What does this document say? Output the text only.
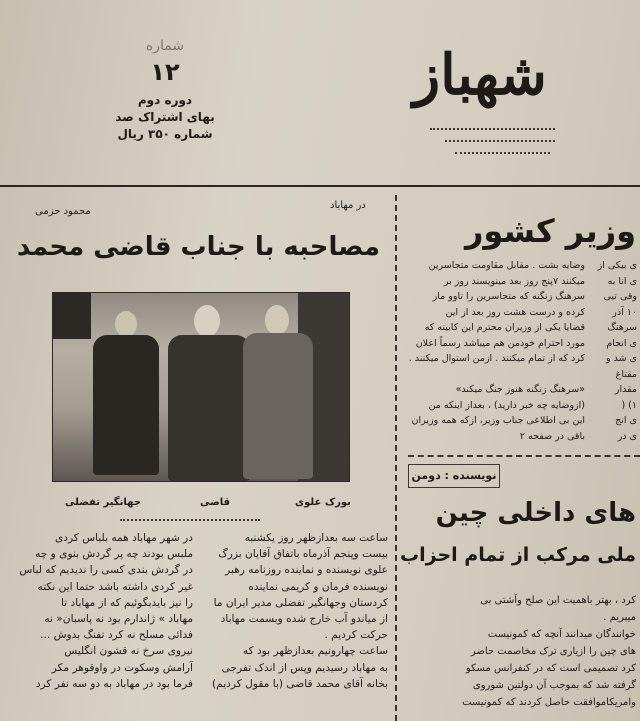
شهباز
شماره
۱۲
دوره دوم
بهای اشتراک صد
شماره ۳۵۰ ریال
در مهاباد
محمود حزمی
مصاحبه با جناب قاضی محمد
بورک علوی
قاضی
جهانگیر تفضلی
در شهر مهاباد همه بلباس کردی
ملبس بودند چه پر گردش بنوی و چه
در گردش بندی کسی را ندیدیم که لباس
غیر کردی داشته باشد حتما این نکته
را نیز بایدبگوئیم که از مهاباد تا
مهاباد » ژاندارم بود نه پاسبان« نه
فدائی مسلح نه کرد تفنگ بدوش ...
نیروی سرخ نه قشون انگلیس
آرامش وسکوت در واوقوهر مکر
فرما بود در مهاباد به دو سه نفر کرد
ساعت سه بعدازظهر روز یکشنبه
بیست وپنجم آذرماه باتفاق آقایان بزرگ
علوی نویسنده و نماینده روزنامه رهبر
نویسنده فرمان و کریمی نماینده
کردستان وجهانگیر تفضلی مدیر ایران ما
از میاندو آب خارج شده وبسمت مهاباد
حرکت کردیم .
ساعت چهارونیم بعدازظهر بود که
به مهاباد رسیدیم وپس از اندک تفرجی
بخانه آقای محمد قاضی (با مقول کردیم)
وزیر کشور
وضایه بشت . مقابل مقاومت متجاسرین
میکنند ۷پنج روز بعد مینویسند روز بر
سرهنگ زنگنه که متجاسرین را تاوو مار
کرده و درست هشت روز بعد از این
قضایا یکی از وزیران محترم این کابینه که
مورد احترام خودمن هم میباشد رسماً اعلان
کرد که از تمام میکنند . ازمن استوال میکنند .

«سرهنگ زنگنه هنوز جنگ میکند»
(ازوضایه چه خبر دارید) ، بعداز اینکه من
این بی اطلاعی جناب وزیر، ازکه همه وزیران
باقی در صفحه ۲
ی بیکی از
ی انا به
وقی تیی
۱۰ آذر
سرهنگ
ی انجام
ی شد و
مقتاغ
مقدار
۱) (
ی انج
ی در
نویسنده : دومن
های داخلی چین
ملی مرکب از تمام احزاب
کرد ، بهتر باهمیت این صلح وآشتی بی
میبریم .
خوانندگان میدانند آنچه که کمونیست
های چین را ازیاری ترک مخاصمت حاضر
کرد تصمیمی است که در کنفرانس مسکو
گرفته شد که بموجب آن دولتین شوروی
وامریکاموافقت حاصل کردند که کمونیست
